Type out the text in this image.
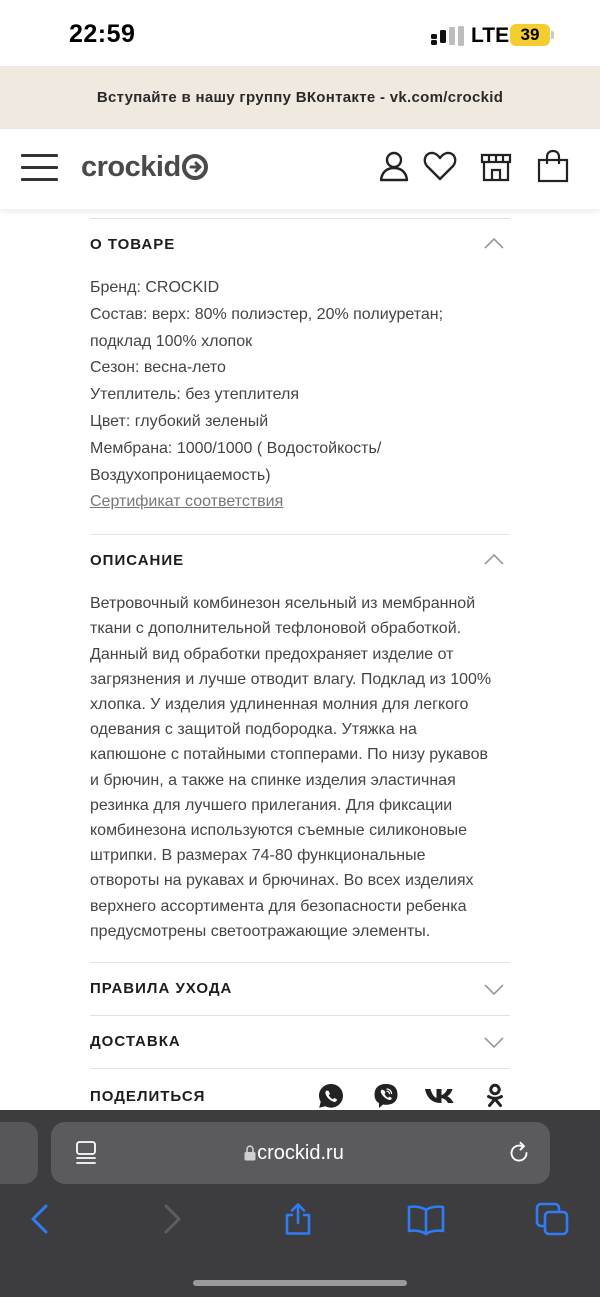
22:59	LTE 39
Вступайте в нашу группу ВКонтакте - vk.com/crockid
crockid
О ТОВАРЕ
Бренд: CROCKID
Состав: верх: 80% полиэстер, 20% полиуретан;
подклад 100% хлопок
Сезон: весна-лето
Утеплитель: без утеплителя
Цвет: глубокий зеленый
Мембрана: 1000/1000 ( Водостойкость/
Воздухопроницаемость)
Сертификат соответствия
ОПИСАНИЕ
Ветровочный комбинезон ясельный из мембранной
ткани с дополнительной тефлоновой обработкой.
Данный вид обработки предохраняет изделие от
загрязнения и лучше отводит влагу. Подклад из 100%
хлопка. У изделия удлиненная молния для легкого
одевания с защитой подбородка. Утяжка на
капюшоне с потайными стопперами. По низу рукавов
и брючин, а также на спинке изделия эластичная
резинка для лучшего прилегания. Для фиксации
комбинезона используются съемные силиконовые
штрипки. В размерах 74-80 функциональные
отвороты на рукавах и брючинах. Во всех изделиях
верхнего ассортимента для безопасности ребенка
предусмотрены светоотражающие элементы.
ПРАВИЛА УХОДА
ДОСТАВКА
ПОДЕЛИТЬСЯ
crockid.ru
